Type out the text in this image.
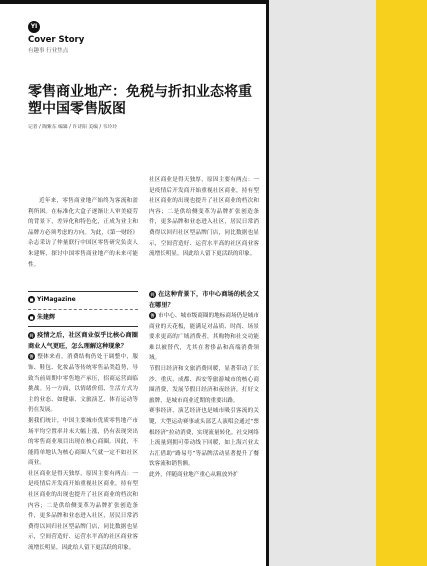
YI
Cover Story
有趣事 行业焦点
零售商业地产：免税与折扣业态将重塑中国零售版图
记者 / 陶紫东 编辑 / 许诗阳 美编 / 韦玲玲

近年来，零售商业地产始终为客流和盈利所困。在标准化大盒子逐渐让人审美疲劳的背景下，差异化和特色化，正成为业主和品牌方必须考虑的方向。为此，《第一财经》杂志采访了仲量联行中国区零售研究负责人朱建辉，探讨中国零售商业地产的未来可能性。

■ YiMagazine
■ 朱建辉

问 疫情之后，社区商业似乎比核心商圈商业人气更旺，怎么理解这种现象？

答 整体来看，消费结构仍处于调整中，服饰、鞋包、化妆品等传统零售品类趋势，导致当前周期中零售地产承压，招商运营面临挑战。另一方面，以情绪价值、生活方式为主的业态、如健康、文旅演艺、体育运动等仍在发展。

据我们统计，中国主要城市优质零售地产市场平均空置率并未大幅上涨，仍有表现突出的零售商业项目出现在核心商圈。因此，不能简单地认为核心商圈人气就一定不如社区商业。

社区商业是得天独厚，原因主要有两点：一是疫情后开发商开始重视社区商业，持有型社区商业的出现也提升了社区商业的档次和内容；二是供给侧变革为品牌扩张创造条件，更多品牌和业态进入社区，居民日常消费得以回归社区型品牌门店，同比数据也显示，空间营造好、运营水平高的社区商业客流增长明显，因此给人留下更活跃的印象。

社区商业是得天独厚，原因主要有两点：一是疫情后开发商开始重视社区商业，持有型社区商业的出现也提升了社区商业的档次和内容；二是供给侧变革为品牌扩张创造条件，更多品牌和业态进入社区，居民日常消费得以回归社区型品牌门店，同比数据也显示，空间营造好、运营水平高的社区商业客流增长明显，因此给人留下更活跃的印象。

问 在这种背景下，市中心商场的机会又在哪里？

答 市中心、城市级商圈的地标商场仍是城市商业的天花板，能满足对品质、时尚、场景要求更高的广域消费者，其购物和社交功能难以被替代，尤其在奢侈品和高端消费领域。

节假日经济和文旅消费回暖，显著带动了长沙、重庆、成都、西安等旅游城市的核心商圈消费，发展节假日经济和夜经济，打好文旅牌，是城市商业近期的重要出路。

赛事经济、演艺经济也是城市吸引客流的关键，大型运动赛事或头部艺人演唱会通过“票根经济”拉动消费，实现流量转化。社交网络上流量到拥可带动线下回暖，如上海兴业太古汇借助“路易号”等品牌活动显著提升了餐饮客流和销售额。

此外，伴随商业地产重心从粗放外扩
